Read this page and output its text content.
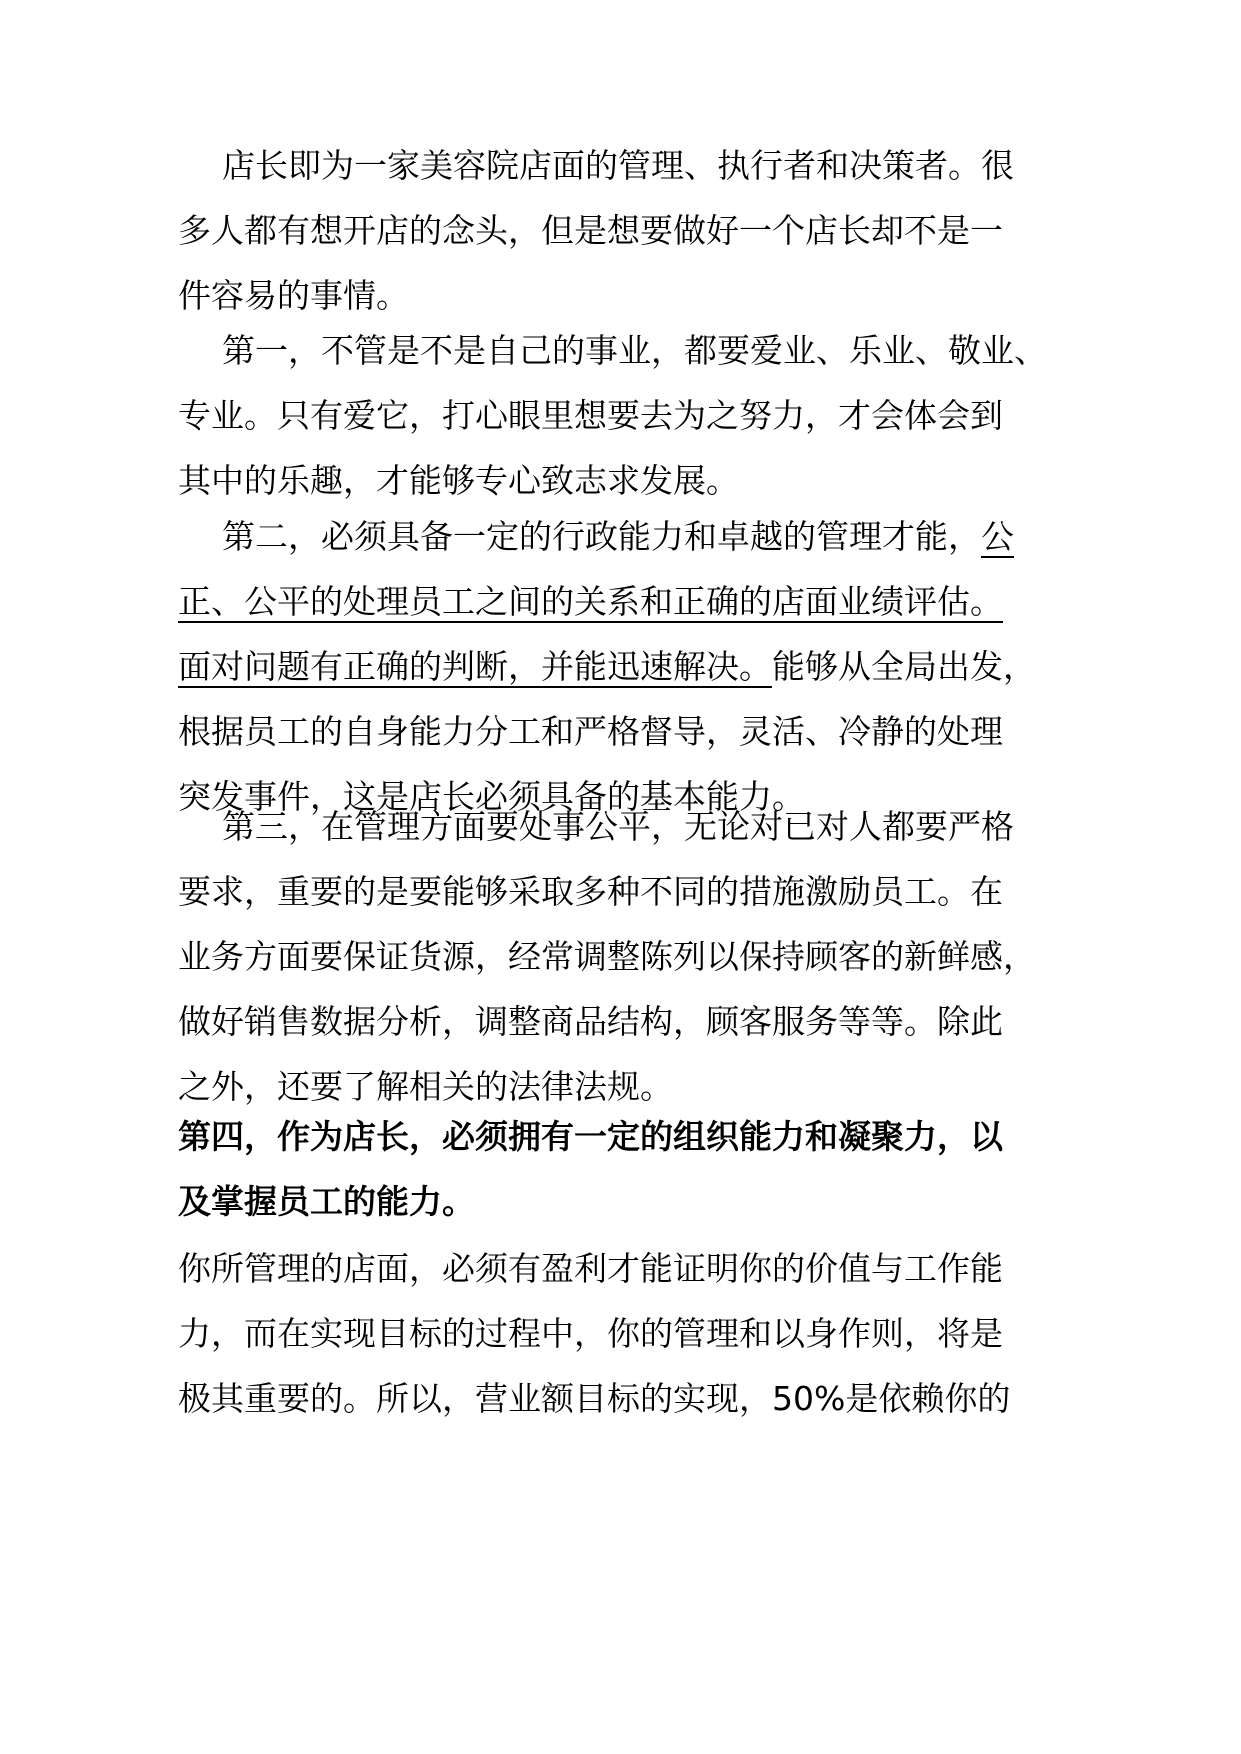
店长即为一家美容院店面的管理、执行者和决策者。很
多人都有想开店的念头，但是想要做好一个店长却不是一
件容易的事情。

第一，不管是不是自己的事业，都要爱业、乐业、敬业、
专业。只有爱它，打心眼里想要去为之努力，才会体会到
其中的乐趣，才能够专心致志求发展。

第二，必须具备一定的行政能力和卓越的管理才能，公
正、公平的处理员工之间的关系和正确的店面业绩评估。
面对问题有正确的判断，并能迅速解决。能够从全局出发，
根据员工的自身能力分工和严格督导，灵活、冷静的处理
突发事件，这是店长必须具备的基本能力。

第三，在管理方面要处事公平，无论对已对人都要严格
要求，重要的是要能够采取多种不同的措施激励员工。在
业务方面要保证货源，经常调整陈列以保持顾客的新鲜感，
做好销售数据分析，调整商品结构，顾客服务等等。除此
之外，还要了解相关的法律法规。

第四，作为店长，必须拥有一定的组织能力和凝聚力，以
及掌握员工的能力。

你所管理的店面，必须有盈利才能证明你的价值与工作能
力，而在实现目标的过程中，你的管理和以身作则，将是
极其重要的。所以，营业额目标的实现，50%是依赖你的
